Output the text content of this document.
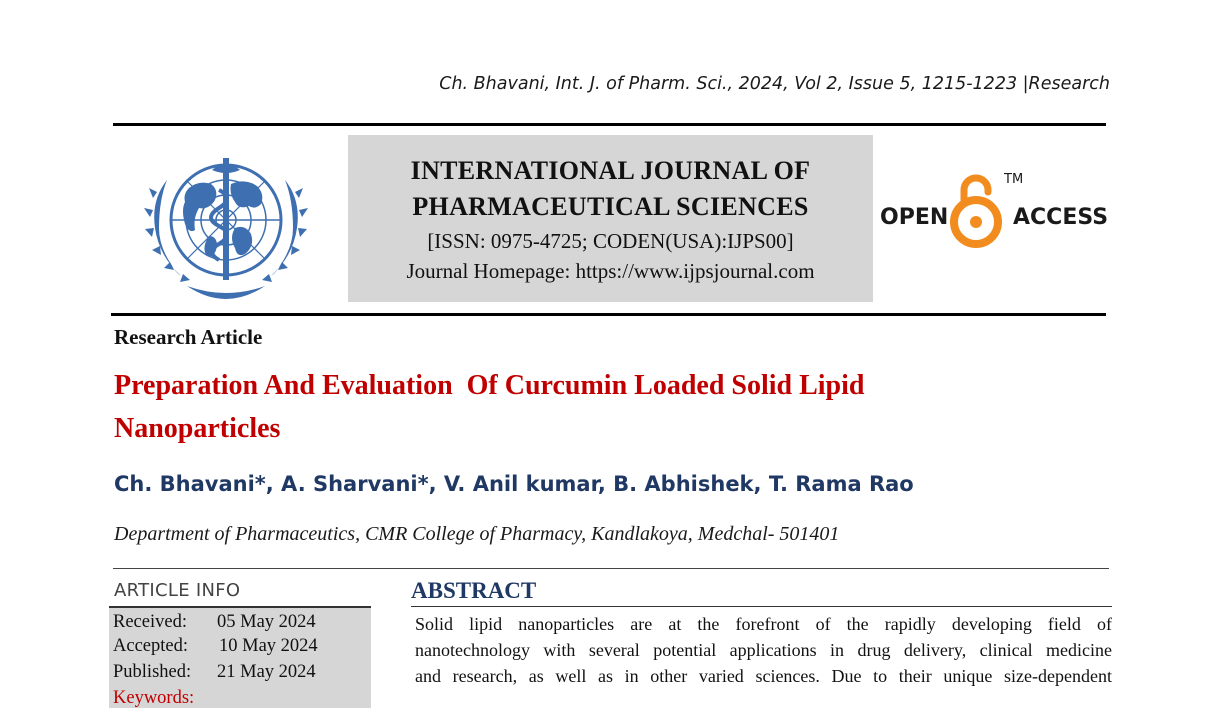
Ch. Bhavani, Int. J. of Pharm. Sci., 2024, Vol 2, Issue 5, 1215-1223 |Research
INTERNATIONAL JOURNAL OF
PHARMACEUTICAL SCIENCES
[ISSN: 0975-4725; CODEN(USA):IJPS00]
Journal Homepage: https://www.ijpsjournal.com
OPEN
TM
ACCESS
Research Article
Preparation And Evaluation  Of Curcumin Loaded Solid Lipid
Nanoparticles
Ch. Bhavani*, A. Sharvani*, V. Anil kumar, B. Abhishek, T. Rama Rao
Department of Pharmaceutics, CMR College of Pharmacy, Kandlakoya, Medchal- 501401
ARTICLE INFO
Received: 05 May 2024
Accepted: 10 May 2024
Published: 21 May 2024
Keywords:
ABSTRACT
Solid lipid nanoparticles are at the forefront of the rapidly developing field of
nanotechnology with several potential applications in drug delivery, clinical medicine
and research, as well as in other varied sciences. Due to their unique size-dependent
